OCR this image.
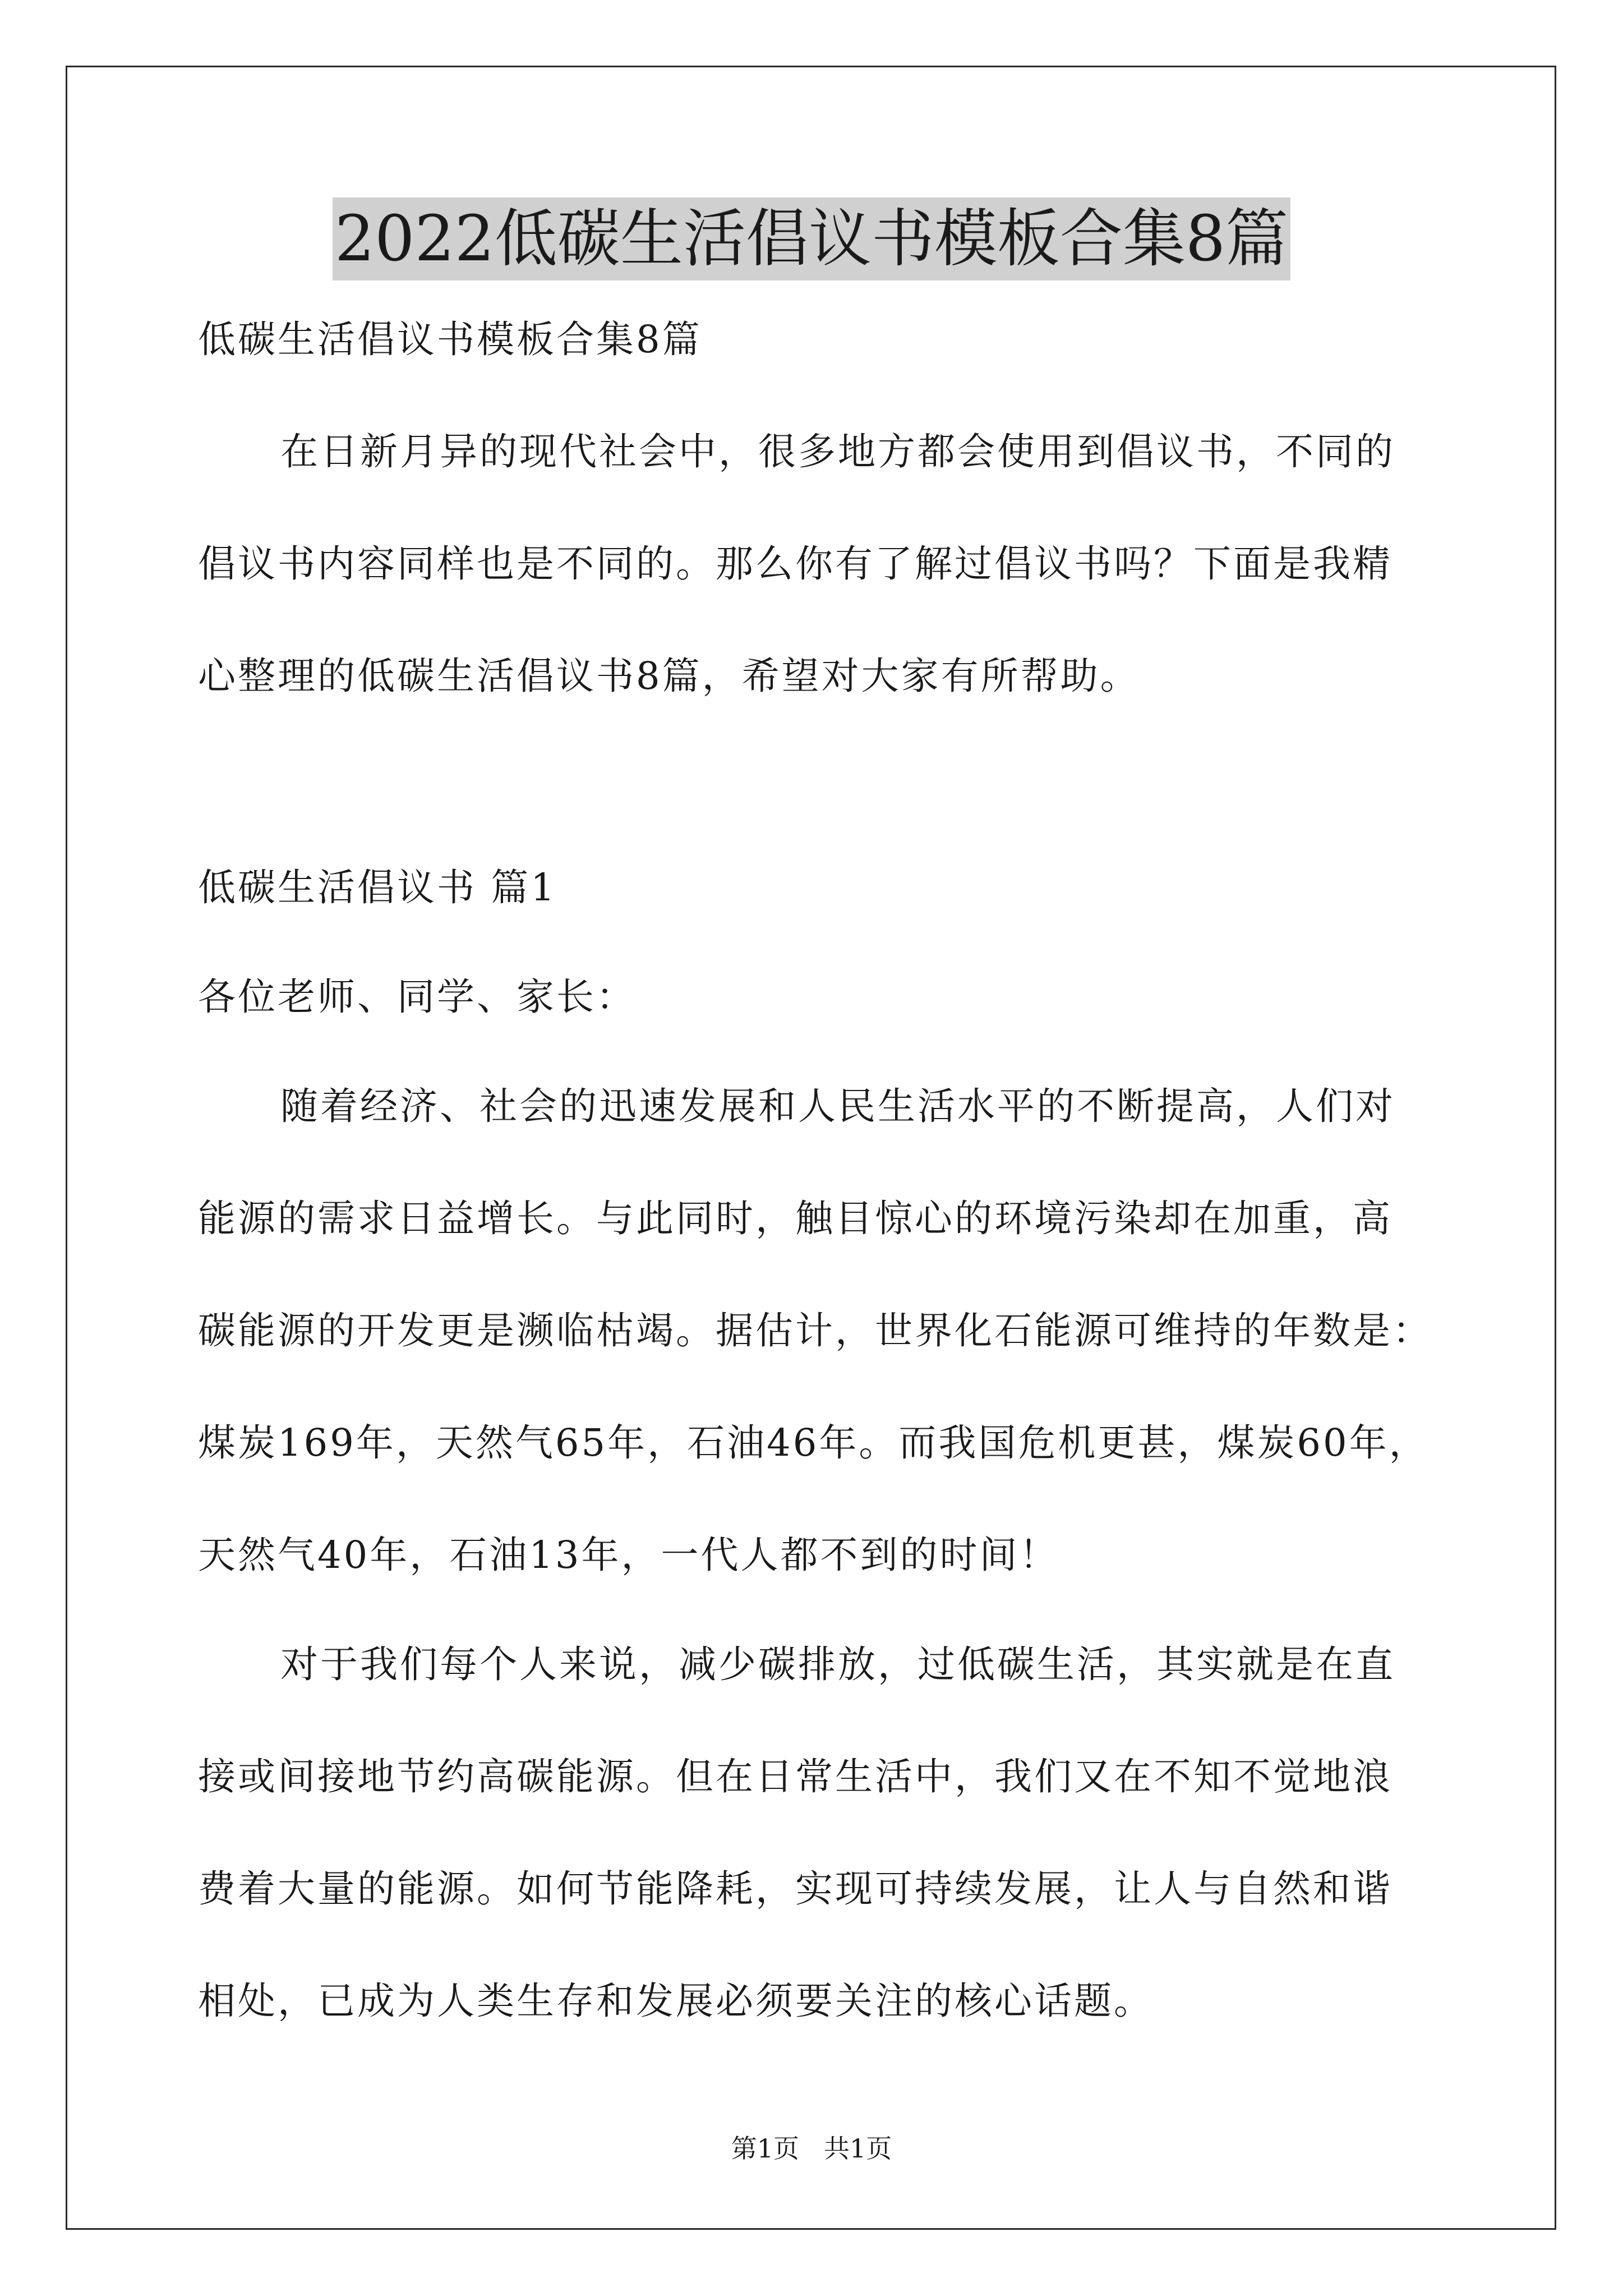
2022低碳生活倡议书模板合集8篇

低碳生活倡议书模板合集8篇

在日新月异的现代社会中，很多地方都会使用到倡议书，不同的

倡议书内容同样也是不同的。那么你有了解过倡议书吗？下面是我精

心整理的低碳生活倡议书8篇，希望对大家有所帮助。

低碳生活倡议书 篇1

各位老师、同学、家长：

随着经济、社会的迅速发展和人民生活水平的不断提高，人们对

能源的需求日益增长。与此同时，触目惊心的环境污染却在加重，高

碳能源的开发更是濒临枯竭。据估计，世界化石能源可维持的年数是：

煤炭169年，天然气65年，石油46年。而我国危机更甚，煤炭60年，

天然气40年，石油13年，一代人都不到的时间！

对于我们每个人来说，减少碳排放，过低碳生活，其实就是在直

接或间接地节约高碳能源。但在日常生活中，我们又在不知不觉地浪

费着大量的能源。如何节能降耗，实现可持续发展，让人与自然和谐

相处，已成为人类生存和发展必须要关注的核心话题。

第1页 共1页
